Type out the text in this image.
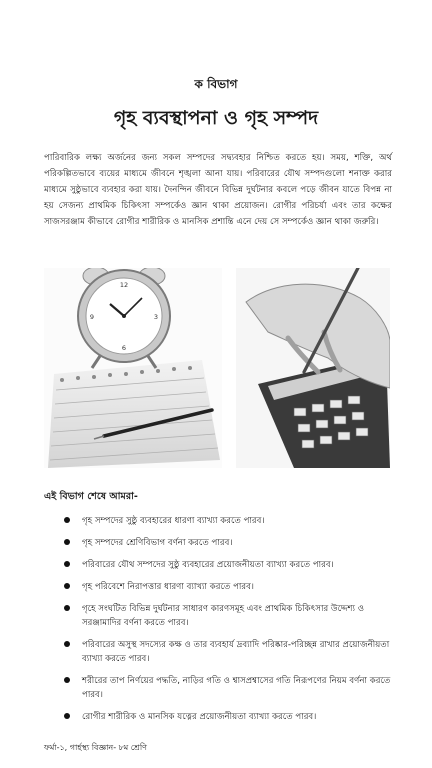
ক বিভাগ
গৃহ ব্যবস্থাপনা ও গৃহ সম্পদ

পারিবারিক লক্ষ্য অর্জনের জন্য সকল সম্পদের সদ্ব্যবহার নিশ্চিত করতে হয়। সময়, শক্তি, অর্থ পরিকল্পিতভাবে ব্যয়ের মাধ্যমে জীবনে শৃঙ্খলা আনা যায়। পরিবারের যৌথ সম্পদগুলো শনাক্ত করার মাধ্যমে সুষ্ঠুভাবে ব্যবহার করা যায়। দৈনন্দিন জীবনে বিভিন্ন দুর্ঘটনার কবলে পড়ে জীবন যাতে বিপন্ন না হয় সেজন্য প্রাথমিক চিকিৎসা সম্পর্কেও জ্ঞান থাকা প্রয়োজন। রোগীর পরিচর্যা এবং তার কক্ষের সাজসরঞ্জাম কীভাবে রোগীর শারীরিক ও মানসিক প্রশান্তি এনে দেয় সে সম্পর্কেও জ্ঞান থাকা জরুরি।

12
3
6
9
এই বিভাগ শেষে আমরা-
গৃহ সম্পদের সুষ্ঠু ব্যবহারের ধারণা ব্যাখ্যা করতে পারব।
গৃহ সম্পদের শ্রেণিবিভাগ বর্ণনা করতে পারব।
পরিবারের যৌথ সম্পদের সুষ্ঠু ব্যবহারের প্রয়োজনীয়তা ব্যাখ্যা করতে পারব।
গৃহ পরিবেশে নিরাপত্তার ধারণা ব্যাখ্যা করতে পারব।
গৃহে সংঘটিত বিভিন্ন দুর্ঘটনার সাধারণ কারণসমূহ এবং প্রাথমিক চিকিৎসার উদ্দেশ্য ও সরঞ্জামাদির বর্ণনা করতে পারব।
পরিবারের অসুস্থ সদস্যের কক্ষ ও তার ব্যবহার্য দ্রব্যাদি পরিষ্কার-পরিচ্ছন্ন রাখার প্রয়োজনীয়তা ব্যাখ্যা করতে পারব।
শরীরের তাপ নির্ণয়ের পদ্ধতি, নাড়ির গতি ও শ্বাসপ্রশ্বাসের গতি নিরূপণের নিয়ম বর্ণনা করতে পারব।
রোগীর শারীরিক ও মানসিক যত্নের প্রয়োজনীয়তা ব্যাখ্যা করতে পারব।
ফর্মা-১, গার্হস্থ্য বিজ্ঞান- ৮ম শ্রেণি
